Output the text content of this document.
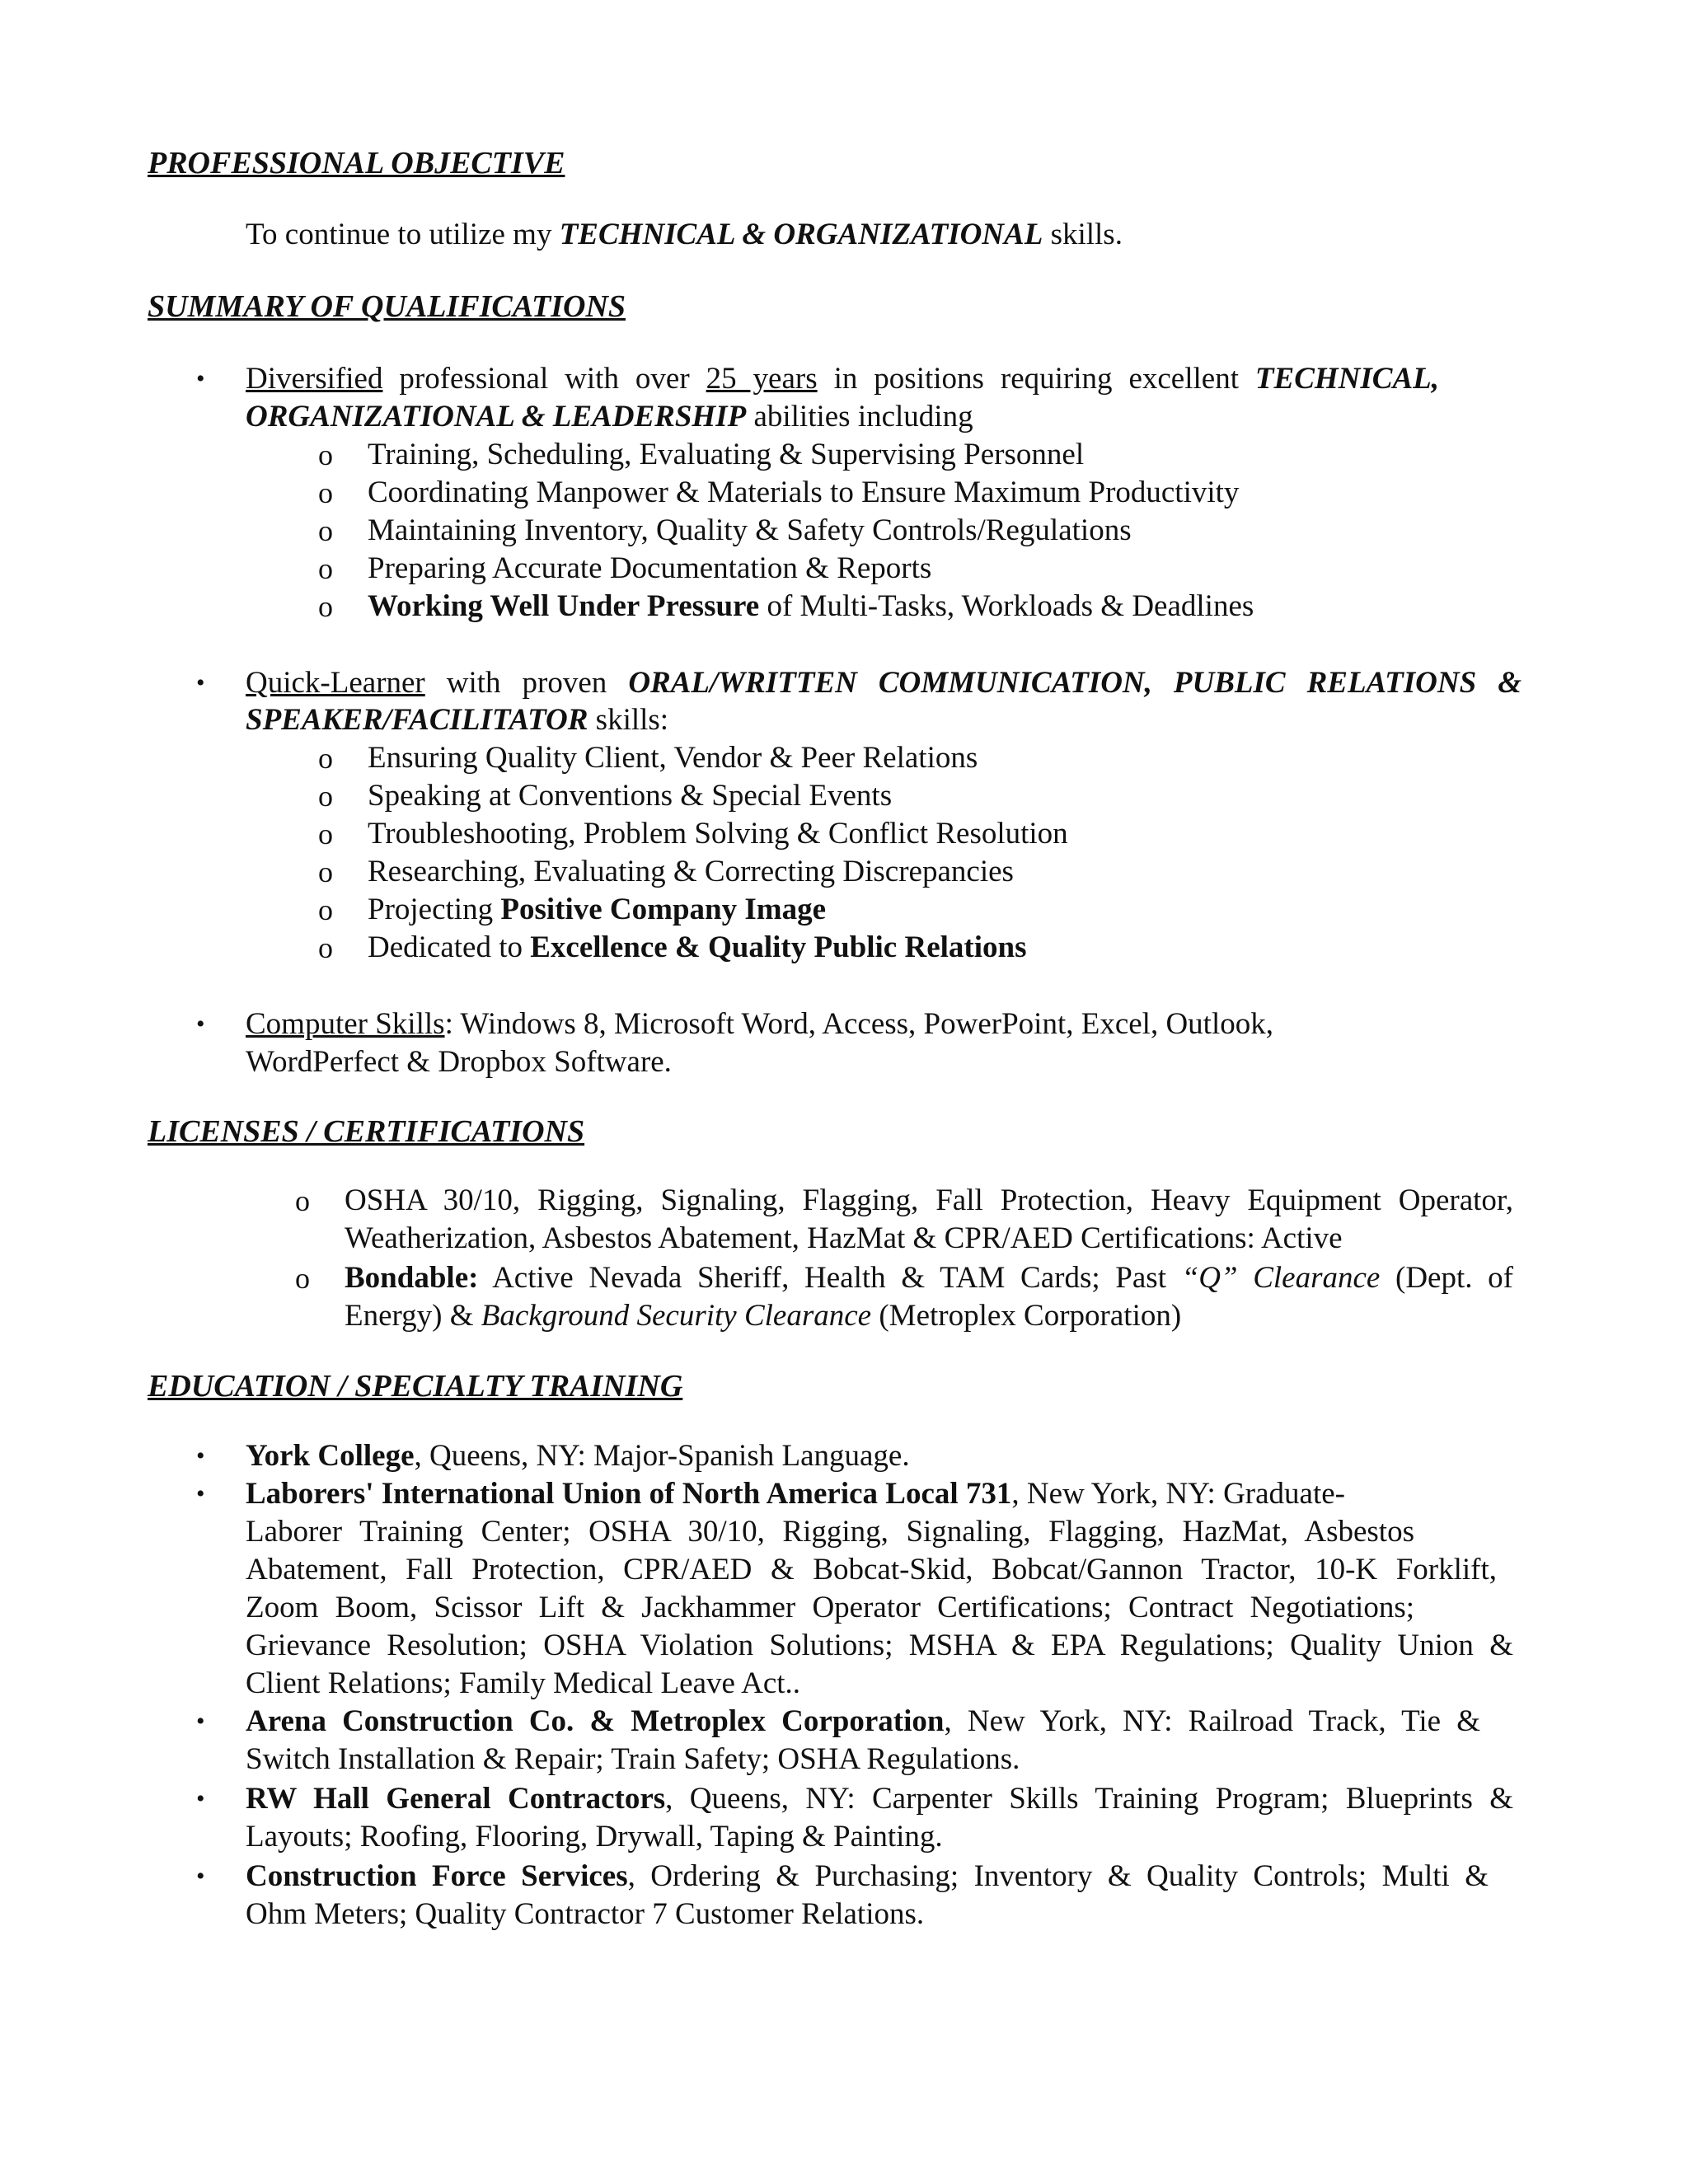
PROFESSIONAL OBJECTIVE
To continue to utilize my TECHNICAL & ORGANIZATIONAL skills.
SUMMARY OF QUALIFICATIONS
• Diversified professional with over 25 years in positions requiring excellent TECHNICAL,
ORGANIZATIONAL & LEADERSHIP abilities including
o Training, Scheduling, Evaluating & Supervising Personnel
o Coordinating Manpower & Materials to Ensure Maximum Productivity
o Maintaining Inventory, Quality & Safety Controls/Regulations
o Preparing Accurate Documentation & Reports
o Working Well Under Pressure of Multi-Tasks, Workloads & Deadlines
• Quick-Learner with proven ORAL/WRITTEN COMMUNICATION, PUBLIC RELATIONS &
SPEAKER/FACILITATOR skills:
o Ensuring Quality Client, Vendor & Peer Relations
o Speaking at Conventions & Special Events
o Troubleshooting, Problem Solving & Conflict Resolution
o Researching, Evaluating & Correcting Discrepancies
o Projecting Positive Company Image
o Dedicated to Excellence & Quality Public Relations
• Computer Skills: Windows 8, Microsoft Word, Access, PowerPoint, Excel, Outlook,
WordPerfect & Dropbox Software.
LICENSES / CERTIFICATIONS
o OSHA 30/10, Rigging, Signaling, Flagging, Fall Protection, Heavy Equipment Operator,
Weatherization, Asbestos Abatement, HazMat & CPR/AED Certifications: Active
o Bondable: Active Nevada Sheriff, Health & TAM Cards; Past “Q” Clearance (Dept. of
Energy) & Background Security Clearance (Metroplex Corporation)
EDUCATION / SPECIALTY TRAINING
• York College, Queens, NY: Major-Spanish Language.
• Laborers' International Union of North America Local 731, New York, NY: Graduate-
Laborer Training Center; OSHA 30/10, Rigging, Signaling, Flagging, HazMat, Asbestos
Abatement, Fall Protection, CPR/AED & Bobcat-Skid, Bobcat/Gannon Tractor, 10-K Forklift,
Zoom Boom, Scissor Lift & Jackhammer Operator Certifications; Contract Negotiations;
Grievance Resolution; OSHA Violation Solutions; MSHA & EPA Regulations; Quality Union &
Client Relations; Family Medical Leave Act..
• Arena Construction Co. & Metroplex Corporation, New York, NY: Railroad Track, Tie &
Switch Installation & Repair; Train Safety; OSHA Regulations.
• RW Hall General Contractors, Queens, NY: Carpenter Skills Training Program; Blueprints &
Layouts; Roofing, Flooring, Drywall, Taping & Painting.
• Construction Force Services, Ordering & Purchasing; Inventory & Quality Controls; Multi &
Ohm Meters; Quality Contractor 7 Customer Relations.
